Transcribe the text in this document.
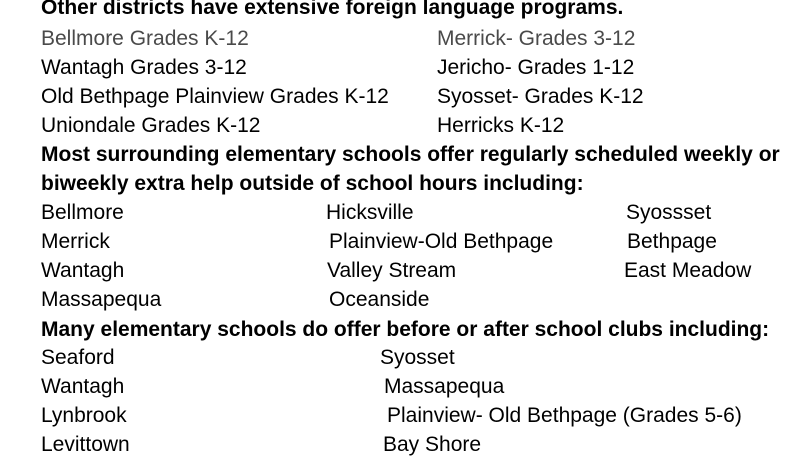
Other districts have extensive foreign language programs.
Bellmore Grades K-12
Wantagh Grades 3-12
Old Bethpage Plainview Grades K-12
Uniondale Grades K-12
Merrick- Grades 3-12
Jericho- Grades 1-12
Syosset- Grades K-12
Herricks K-12
Most surrounding elementary schools offer regularly scheduled weekly or
biweekly extra help outside of school hours including:
Bellmore
Merrick
Wantagh
Massapequa
Hicksville
Plainview-Old Bethpage
Valley Stream
Oceanside
Syossset
Bethpage
East Meadow
Many elementary schools do offer before or after school clubs including:
Seaford
Wantagh
Lynbrook
Levittown
Syosset
Massapequa
Plainview- Old Bethpage (Grades 5-6)
Bay Shore
